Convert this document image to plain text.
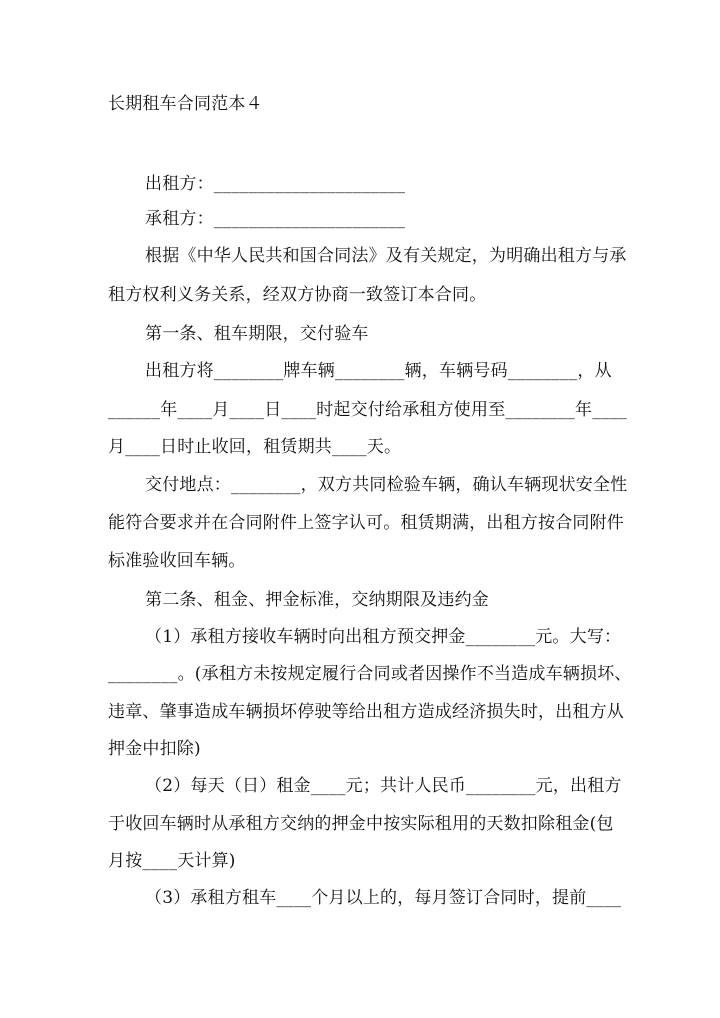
长期租车合同范本４
出租方：______________________
承租方：______________________
根据《中华人民共和国合同法》及有关规定，为明确出租方与承
租方权利义务关系，经双方协商一致签订本合同。
第一条、租车期限，交付验车
出租方将________牌车辆________辆，车辆号码________，从
______年____月____日____时起交付给承租方使用至________年____
月____日时止收回，租赁期共____天。
交付地点：________，双方共同检验车辆，确认车辆现状安全性
能符合要求并在合同附件上签字认可。租赁期满，出租方按合同附件
标准验收回车辆。
第二条、租金、押金标准，交纳期限及违约金
（1）承租方接收车辆时向出租方预交押金________元。大写：
________。(承租方未按规定履行合同或者因操作不当造成车辆损坏、
违章、肇事造成车辆损坏停驶等给出租方造成经济损失时，出租方从
押金中扣除)
（2）每天（日）租金____元；共计人民币________元，出租方
于收回车辆时从承租方交纳的押金中按实际租用的天数扣除租金(包
月按____天计算)
（3）承租方租车____个月以上的，每月签订合同时，提前____
